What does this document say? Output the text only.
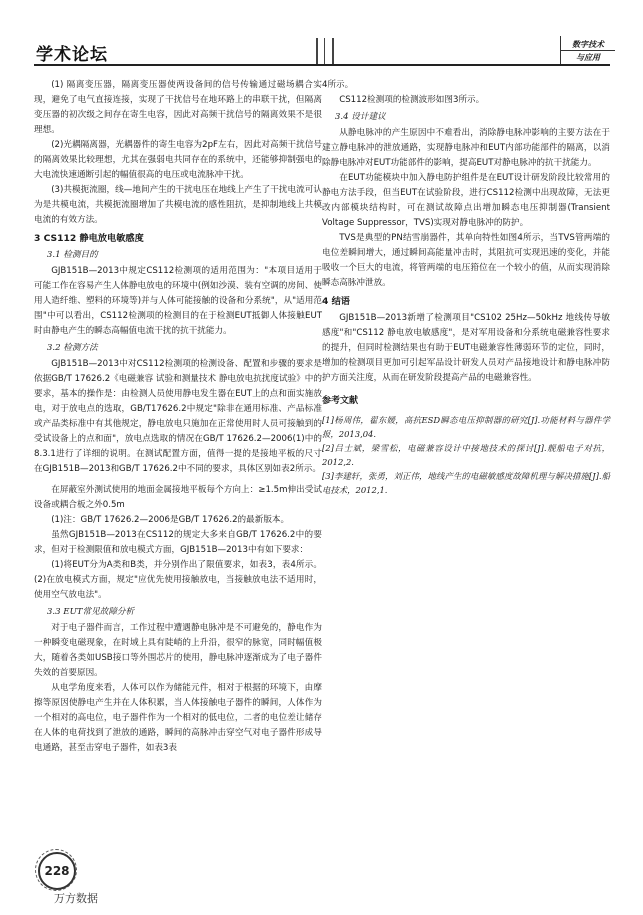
学术论坛
数字技术
与应用

(1) 隔离变压器，隔离变压器使两设备间的信号传输通过磁场耦合实现，避免了电气直接连接，实现了干扰信号在地环路上的串联干扰，但隔离变压器的初次级之间存在寄生电容，因此对高频干扰信号的隔离效果不是很理想。

(2)光耦隔离器，光耦器件的寄生电容为2pF左右，因此对高频干扰信号的隔离效果比较理想，尤其在强弱电共同存在的系统中，还能够抑制强电的大电流快速通断引起的幅值很高的电压或电流脉冲干扰。

(3)共模扼流圈，线—地间产生的干扰电压在地线上产生了干扰电流可认为是共模电流，共模扼流圈增加了共模电流的感性阻抗，是抑制地线上共模电流的有效方法。

3 CS112 静电放电敏感度
3.1 检测目的

GJB151B—2013中规定CS112检测项的适用范围为："本项目适用于可能工作在容易产生人体静电放电的环境中(例如沙漠、装有空调的房间、使用人造纤维、塑料的环境等)并与人体可能接触的设备和分系统"，从"适用范围"中可以看出，CS112检测项的检测目的在于检测EUT抵御人体接触EUT时由静电产生的瞬态高幅值电流干扰的抗干扰能力。

3.2 检测方法

GJB151B—2013中对CS112检测项的检测设备、配置和步骤的要求是依据GB/T 17626.2《电磁兼容 试验和测量技术 静电放电抗扰度试验》中的要求，基本的操作是：由检测人员使用静电发生器在EUT上的点和面实施放电，对于放电点的选取，GB/T17626.2中规定"除非在通用标准、产品标准或产品类标准中有其他规定，静电放电只施加在正常使用时人员可接触到的受试设备上的点和面"，放电点选取的情况在GB/T 17626.2—2006(1)中的8.3.1进行了详细的说明。在测试配置方面，值得一提的是接地平板的尺寸在GJB151B—2013和GB/T 17626.2中不同的要求，具体区别如表2所示。

在屏蔽室外测试使用的地面金属接地平板每个方向上：≥1.5m伸出受试设备或耦合板之外0.5m

(1)注：GB/T 17626.2—2006是GB/T 17626.2的最新版本。

虽然GJB151B—2013在CS112的规定大多来自GB/T 17626.2中的要求，但对于检测限值和放电模式方面，GJB151B—2013中有如下要求：

(1)将EUT分为A类和B类，并分别作出了限值要求，如表3，表4所示。(2)在放电模式方面，规定"应优先使用接触放电，当接触放电法不适用时，使用空气放电法"。

3.3 EUT常见故障分析

对于电子器件而言，工作过程中遭遇静电脉冲是不可避免的，静电作为一种瞬变电磁现象，在时域上具有陡峭的上升沿，很窄的脉宽，同时幅值极大，随着各类如USB接口等外围芯片的使用，静电脉冲逐渐成为了电子器件失效的首要原因。

从电学角度来看，人体可以作为储能元件，相对于根据的环境下，由摩擦等原因使静电产生并在人体积累，当人体接触电子器件的瞬间，人体作为一个相对的高电位，电子器件作为一个相对的低电位，二者的电位差让储存在人体的电荷找到了泄放的通路，瞬间的高脉冲击穿空气对电子器件形成导电通路，甚至击穿电子器件，如表3表

4所示。

CS112检测项的检测波形如图3所示。

3.4 设计建议

从静电脉冲的产生原因中不难看出，消除静电脉冲影响的主要方法在于建立静电脉冲的泄放通路，实现静电脉冲和EUT内部功能部件的隔离，以消除静电脉冲对EUT功能部件的影响，提高EUT对静电脉冲的抗干扰能力。

在EUT功能模块中加入静电防护组件是在EUT设计研发阶段比较常用的静电方法手段，但当EUT在试验阶段，进行CS112检测中出现故障，无法更改内部模块结构时，可在测试故障点出增加瞬态电压抑制器(Transient Voltage Suppressor，TVS)实现对静电脉冲的防护。

TVS是典型的PN结雪崩器件，其单向特性如图4所示，当TVS管两端的电位差瞬间增大，通过瞬间高能量冲击时，其阻抗可实现迅速的变化，并能吸收一个巨大的电流，将管两端的电压箝位在一个较小的值，从而实现消除瞬态高脉冲泄放。

4 结语

GJB151B—2013新增了检测项目"CS102 25Hz—50kHz 地线传导敏感度"和"CS112 静电放电敏感度"，是对军用设备和分系统电磁兼容性要求的提升，但同时检测结果也有助于EUT电磁兼容性薄弱环节的定位，同时，增加的检测项目更加可引起军品设计研发人员对产品接地设计和静电脉冲防护方面关注度，从而在研发阶段提高产品的电磁兼容性。

参考文献

[1]杨周伟，翟东媛，高抗ESD瞬态电压抑制器的研究[J].功能材料与器件学报，2013,04.

[2]吕士斌，梁雪松，电磁兼容设计中接地技术的探讨[J].舰船电子对抗，2012,2.

[3]李建轩，张勇，刘正伟，地线产生的电磁敏感度故障机理与解决措施[J].船电技术，2012,1.

228
万方数据
